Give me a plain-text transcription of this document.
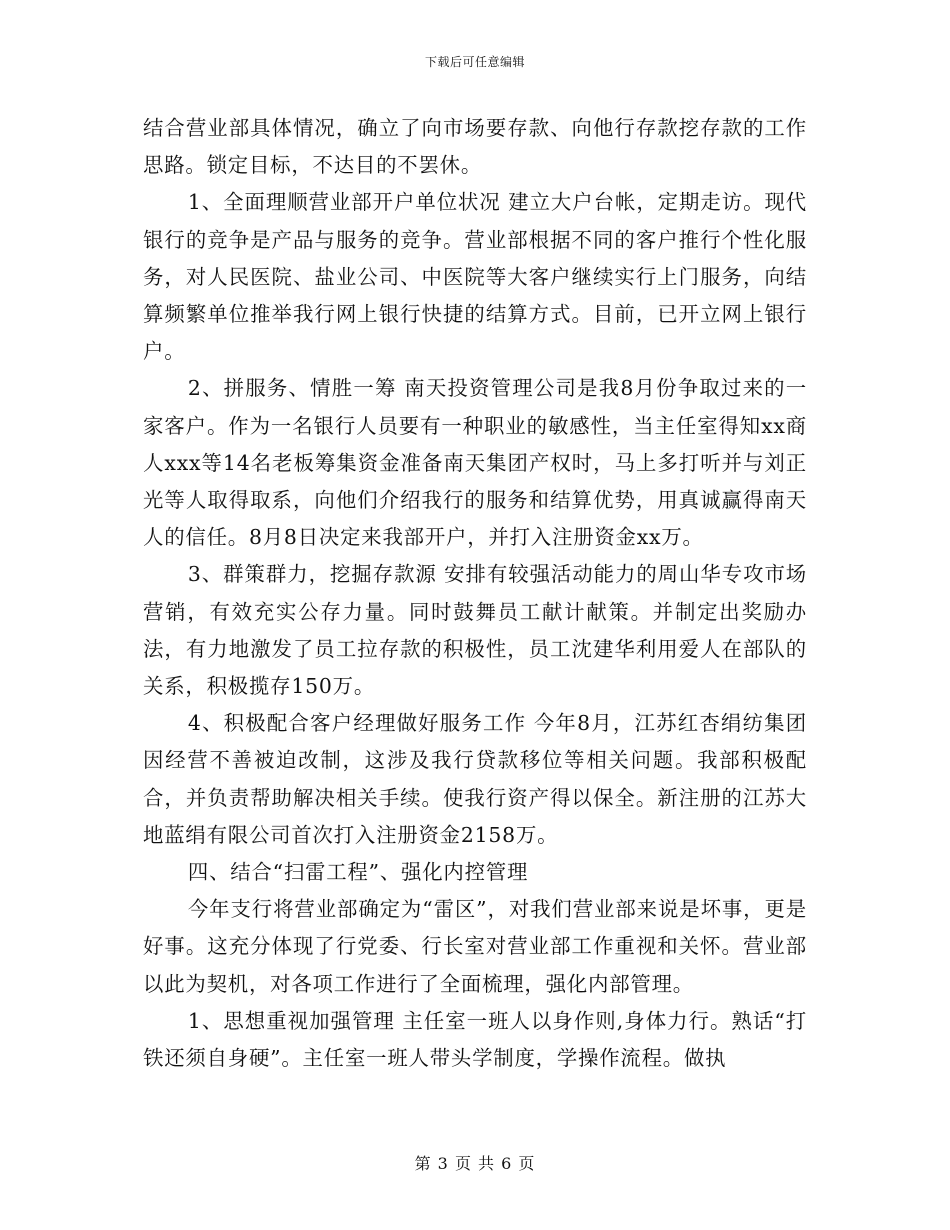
下载后可任意编辑

结合营业部具体情况，确立了向市场要存款、向他行存款挖存款的工作思路。锁定目标，不达目的不罢休。

1、全面理顺营业部开户单位状况 建立大户台帐，定期走访。现代银行的竞争是产品与服务的竞争。营业部根据不同的客户推行个性化服务，对人民医院、盐业公司、中医院等大客户继续实行上门服务，向结算频繁单位推举我行网上银行快捷的结算方式。目前，已开立网上银行 户。

2、拼服务、情胜一筹 南天投资管理公司是我8月份争取过来的一家客户。作为一名银行人员要有一种职业的敏感性，当主任室得知xx商人xxx等14名老板筹集资金准备南天集团产权时，马上多打听并与刘正光等人取得取系，向他们介绍我行的服务和结算优势，用真诚赢得南天人的信任。8月8日决定来我部开户，并打入注册资金xx万。

3、群策群力，挖掘存款源 安排有较强活动能力的周山华专攻市场营销，有效充实公存力量。同时鼓舞员工献计献策。并制定出奖励办法，有力地激发了员工拉存款的积极性，员工沈建华利用爱人在部队的关系，积极揽存150万。

4、积极配合客户经理做好服务工作 今年8月，江苏红杏绢纺集团因经营不善被迫改制，这涉及我行贷款移位等相关问题。我部积极配合，并负责帮助解决相关手续。使我行资产得以保全。新注册的江苏大地蓝绢有限公司首次打入注册资金2158万。

四、结合“扫雷工程”、强化内控管理

今年支行将营业部确定为“雷区”，对我们营业部来说是坏事，更是好事。这充分体现了行党委、行长室对营业部工作重视和关怀。营业部以此为契机，对各项工作进行了全面梳理，强化内部管理。

1、思想重视加强管理 主任室一班人以身作则,身体力行。熟话“打铁还须自身硬”。主任室一班人带头学制度，学操作流程。做执

第 3 页 共 6 页
